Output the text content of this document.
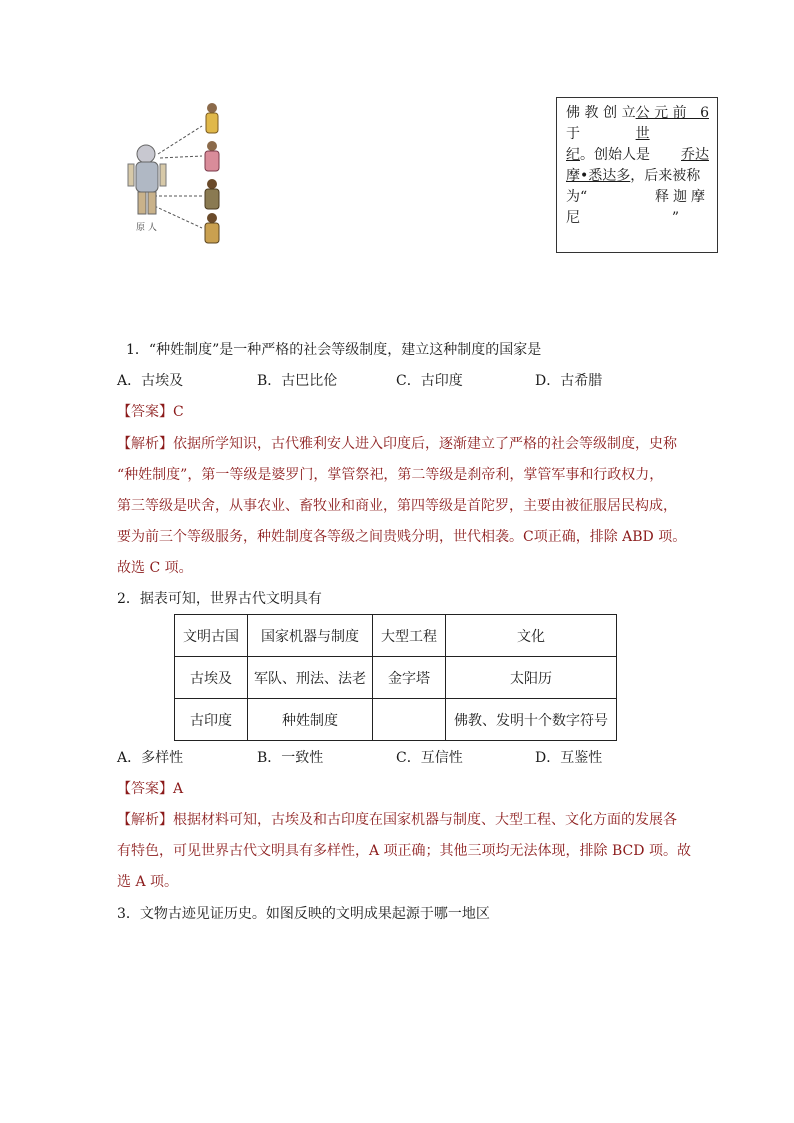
原 人
佛教创立于
公元前 6 世
纪。创始人是 乔达
摩•悉达多 ，后来被称
为“	释迦摩
尼	”
1．“种姓制度”是一种严格的社会等级制度，建立这种制度的国家是
A．古埃及	B．古巴比伦	C．古印度	D．古希腊
【答案】C
【解析】依据所学知识，古代雅利安人进入印度后，逐渐建立了严格的社会等级制度，史称
“种姓制度”，第一等级是婆罗门，掌管祭祀，第二等级是刹帝利，掌管军事和行政权力，
第三等级是吠舍，从事农业、畜牧业和商业，第四等级是首陀罗，主要由被征服居民构成，
要为前三个等级服务，种姓制度各等级之间贵贱分明，世代相袭。C项正确，排除 ABD 项。
故选 C 项。
2．据表可知，世界古代文明具有
文明古国	国家机器与制度	大型工程	文化
古埃及	军队、刑法、法老	金字塔	太阳历
古印度	种姓制度		佛教、发明十个数字符号
A．多样性	B．一致性	C．互信性	D．互鉴性
【答案】A
【解析】根据材料可知，古埃及和古印度在国家机器与制度、大型工程、文化方面的发展各
有特色，可见世界古代文明具有多样性，A 项正确；其他三项均无法体现，排除 BCD 项。故
选 A 项。
3．文物古迹见证历史。如图反映的文明成果起源于哪一地区
